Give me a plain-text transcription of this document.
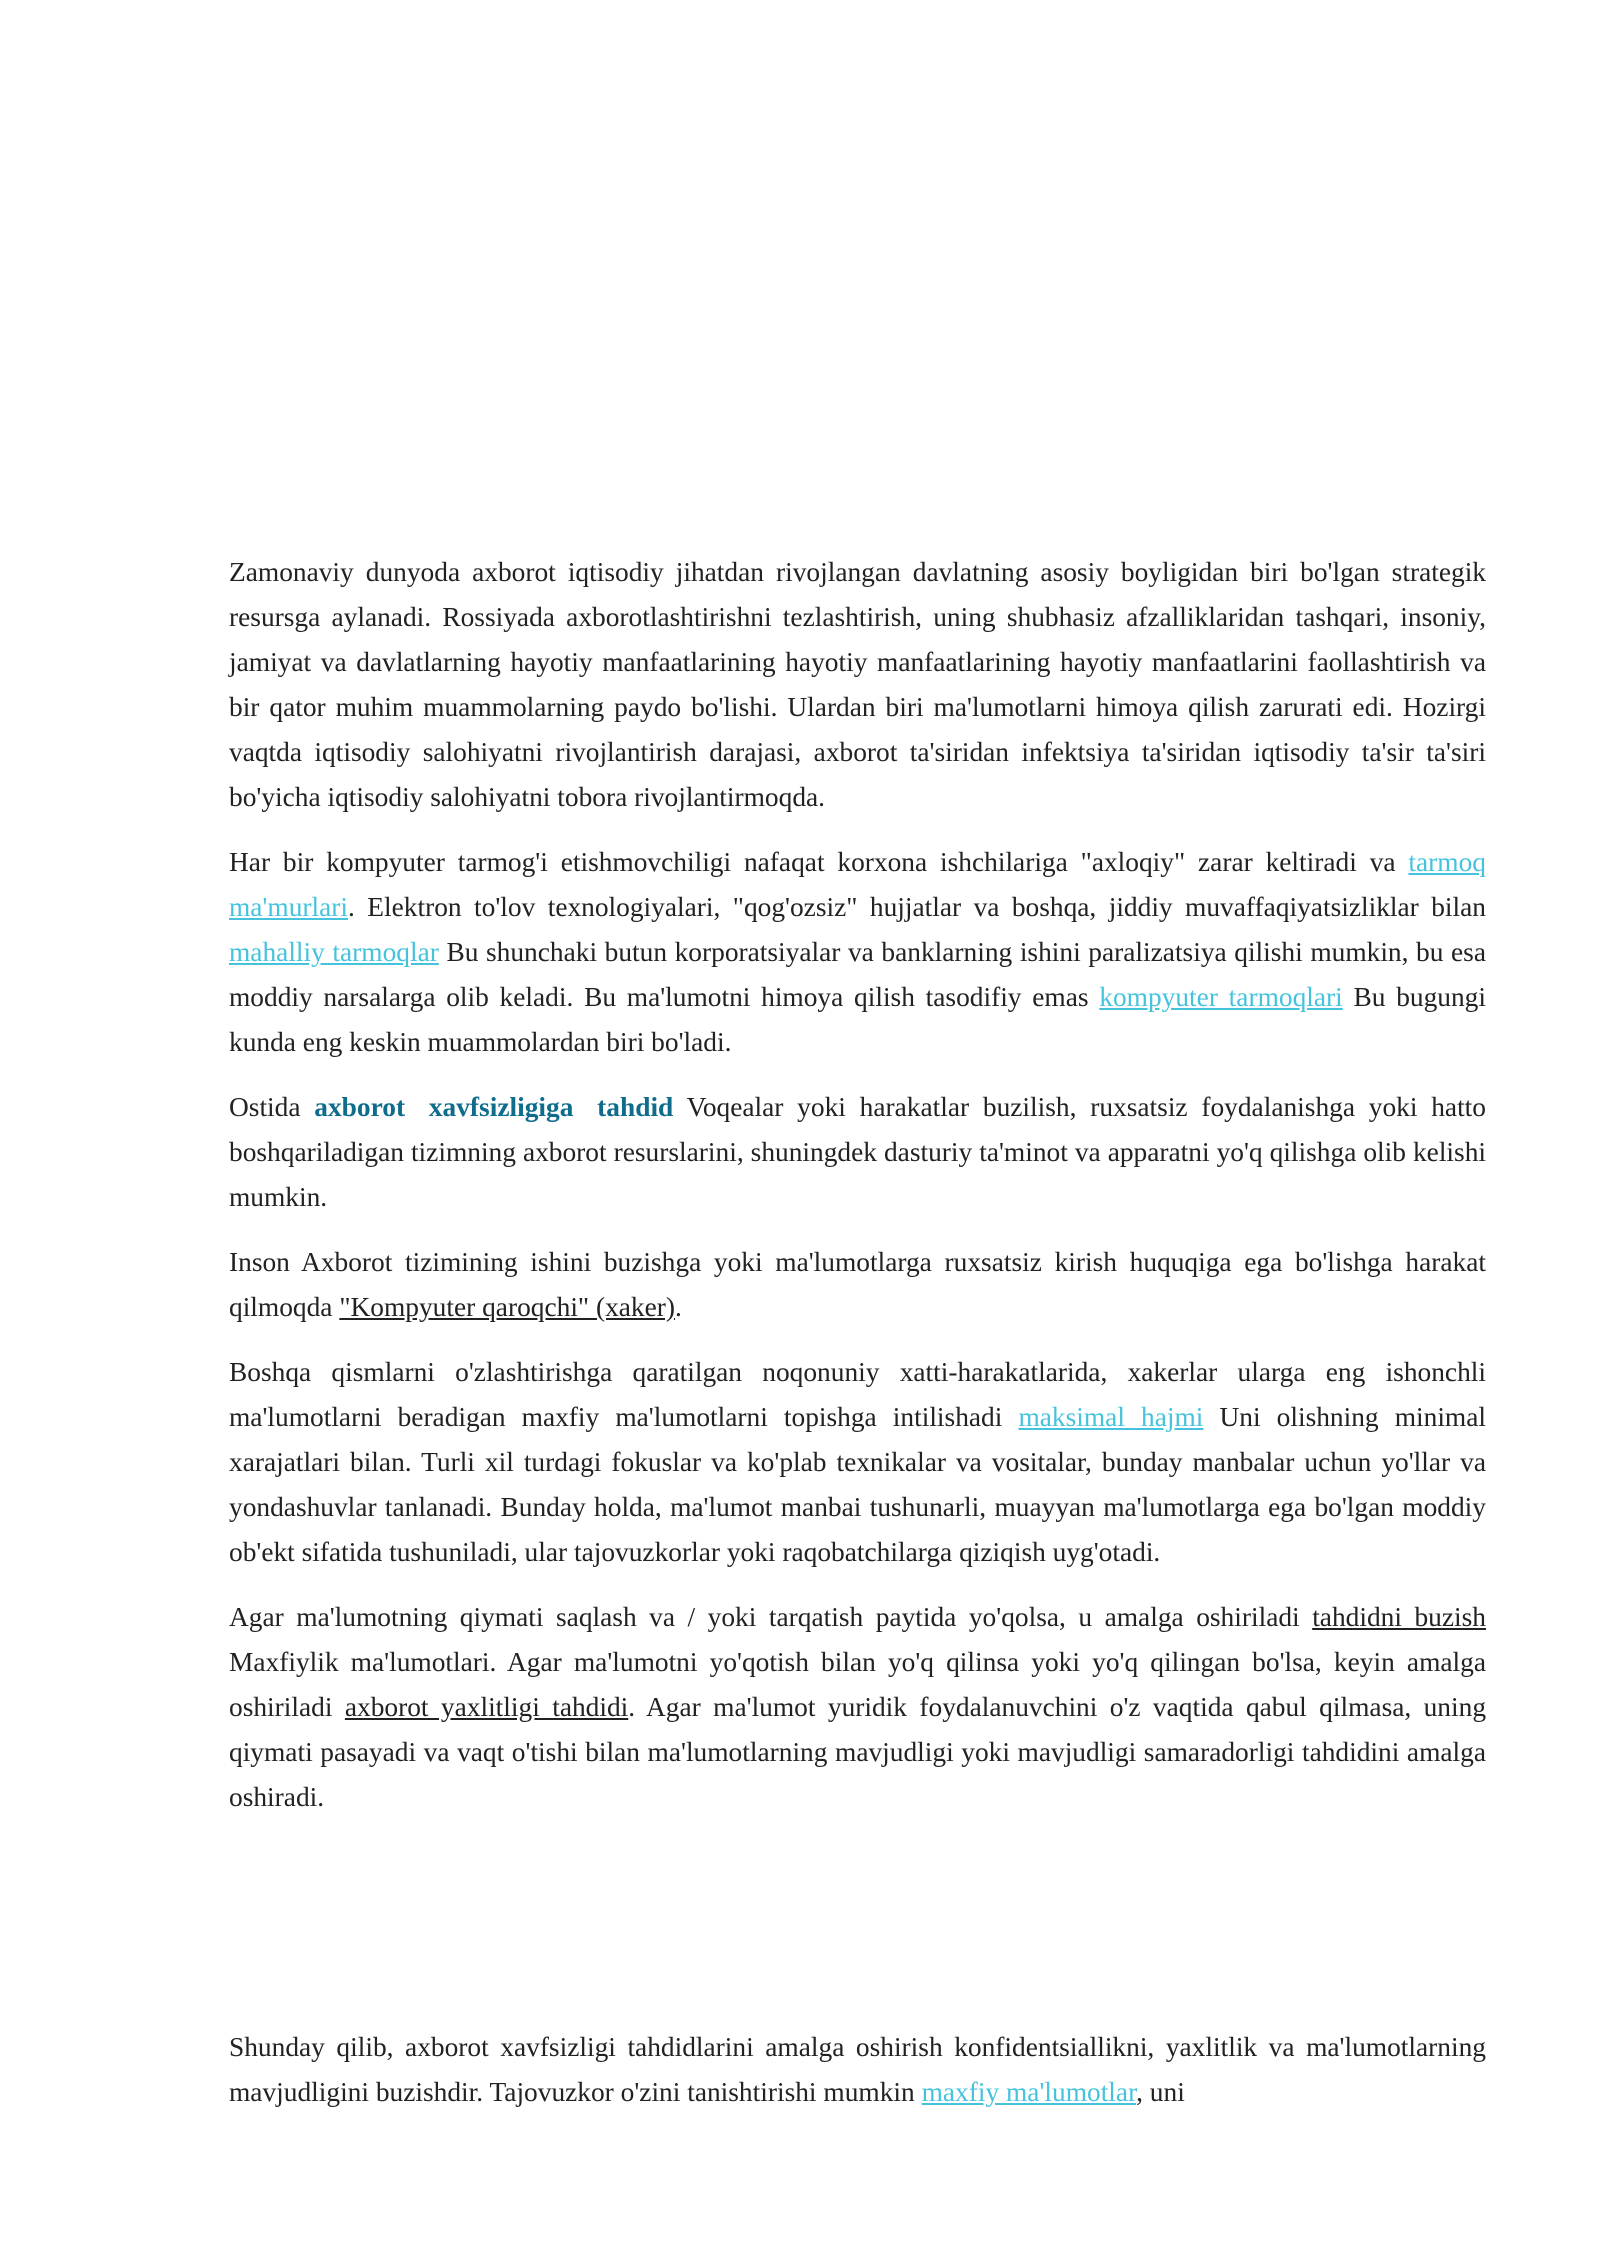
Zamonaviy dunyoda axborot iqtisodiy jihatdan rivojlangan davlatning asosiy boyligidan biri bo'lgan strategik resursga aylanadi. Rossiyada axborotlashtirishni tezlashtirish, uning shubhasiz afzalliklaridan tashqari, insoniy, jamiyat va davlatlarning hayotiy manfaatlarining hayotiy manfaatlarining hayotiy manfaatlarini faollashtirish va bir qator muhim muammolarning paydo bo'lishi. Ulardan biri ma'lumotlarni himoya qilish zarurati edi. Hozirgi vaqtda iqtisodiy salohiyatni rivojlantirish darajasi, axborot ta'siridan infektsiya ta'siridan iqtisodiy ta'sir ta'siri bo'yicha iqtisodiy salohiyatni tobora rivojlantirmoqda.

Har bir kompyuter tarmog'i etishmovchiligi nafaqat korxona ishchilariga "axloqiy" zarar keltiradi va tarmoq ma'murlari. Elektron to'lov texnologiyalari, "qog'ozsiz" hujjatlar va boshqa, jiddiy muvaffaqiyatsizliklar bilan mahalliy tarmoqlar Bu shunchaki butun korporatsiyalar va banklarning ishini paralizatsiya qilishi mumkin, bu esa moddiy narsalarga olib keladi. Bu ma'lumotni himoya qilish tasodifiy emas kompyuter tarmoqlari Bu bugungi kunda eng keskin muammolardan biri bo'ladi.

Ostida axborot xavfsizligiga tahdid Voqealar yoki harakatlar buzilish, ruxsatsiz foydalanishga yoki hatto boshqariladigan tizimning axborot resurslarini, shuningdek dasturiy ta'minot va apparatni yo'q qilishga olib kelishi mumkin.

Inson Axborot tizimining ishini buzishga yoki ma'lumotlarga ruxsatsiz kirish huquqiga ega bo'lishga harakat qilmoqda "Kompyuter qaroqchi" (xaker).

Boshqa qismlarni o'zlashtirishga qaratilgan noqonuniy xatti-harakatlarida, xakerlar ularga eng ishonchli ma'lumotlarni beradigan maxfiy ma'lumotlarni topishga intilishadi maksimal hajmi Uni olishning minimal xarajatlari bilan. Turli xil turdagi fokuslar va ko'plab texnikalar va vositalar, bunday manbalar uchun yo'llar va yondashuvlar tanlanadi. Bunday holda, ma'lumot manbai tushunarli, muayyan ma'lumotlarga ega bo'lgan moddiy ob'ekt sifatida tushuniladi, ular tajovuzkorlar yoki raqobatchilarga qiziqish uyg'otadi.

Agar ma'lumotning qiymati saqlash va / yoki tarqatish paytida yo'qolsa, u amalga oshiriladi tahdidni buzish Maxfiylik ma'lumotlari. Agar ma'lumotni yo'qotish bilan yo'q qilinsa yoki yo'q qilingan bo'lsa, keyin amalga oshiriladi axborot yaxlitligi tahdidi. Agar ma'lumot yuridik foydalanuvchini o'z vaqtida qabul qilmasa, uning qiymati pasayadi va vaqt o'tishi bilan ma'lumotlarning mavjudligi yoki mavjudligi samaradorligi tahdidini amalga oshiradi.

Shunday qilib, axborot xavfsizligi tahdidlarini amalga oshirish konfidentsiallikni, yaxlitlik va ma'lumotlarning mavjudligini buzishdir. Tajovuzkor o'zini tanishtirishi mumkin maxfiy ma'lumotlar, uni
